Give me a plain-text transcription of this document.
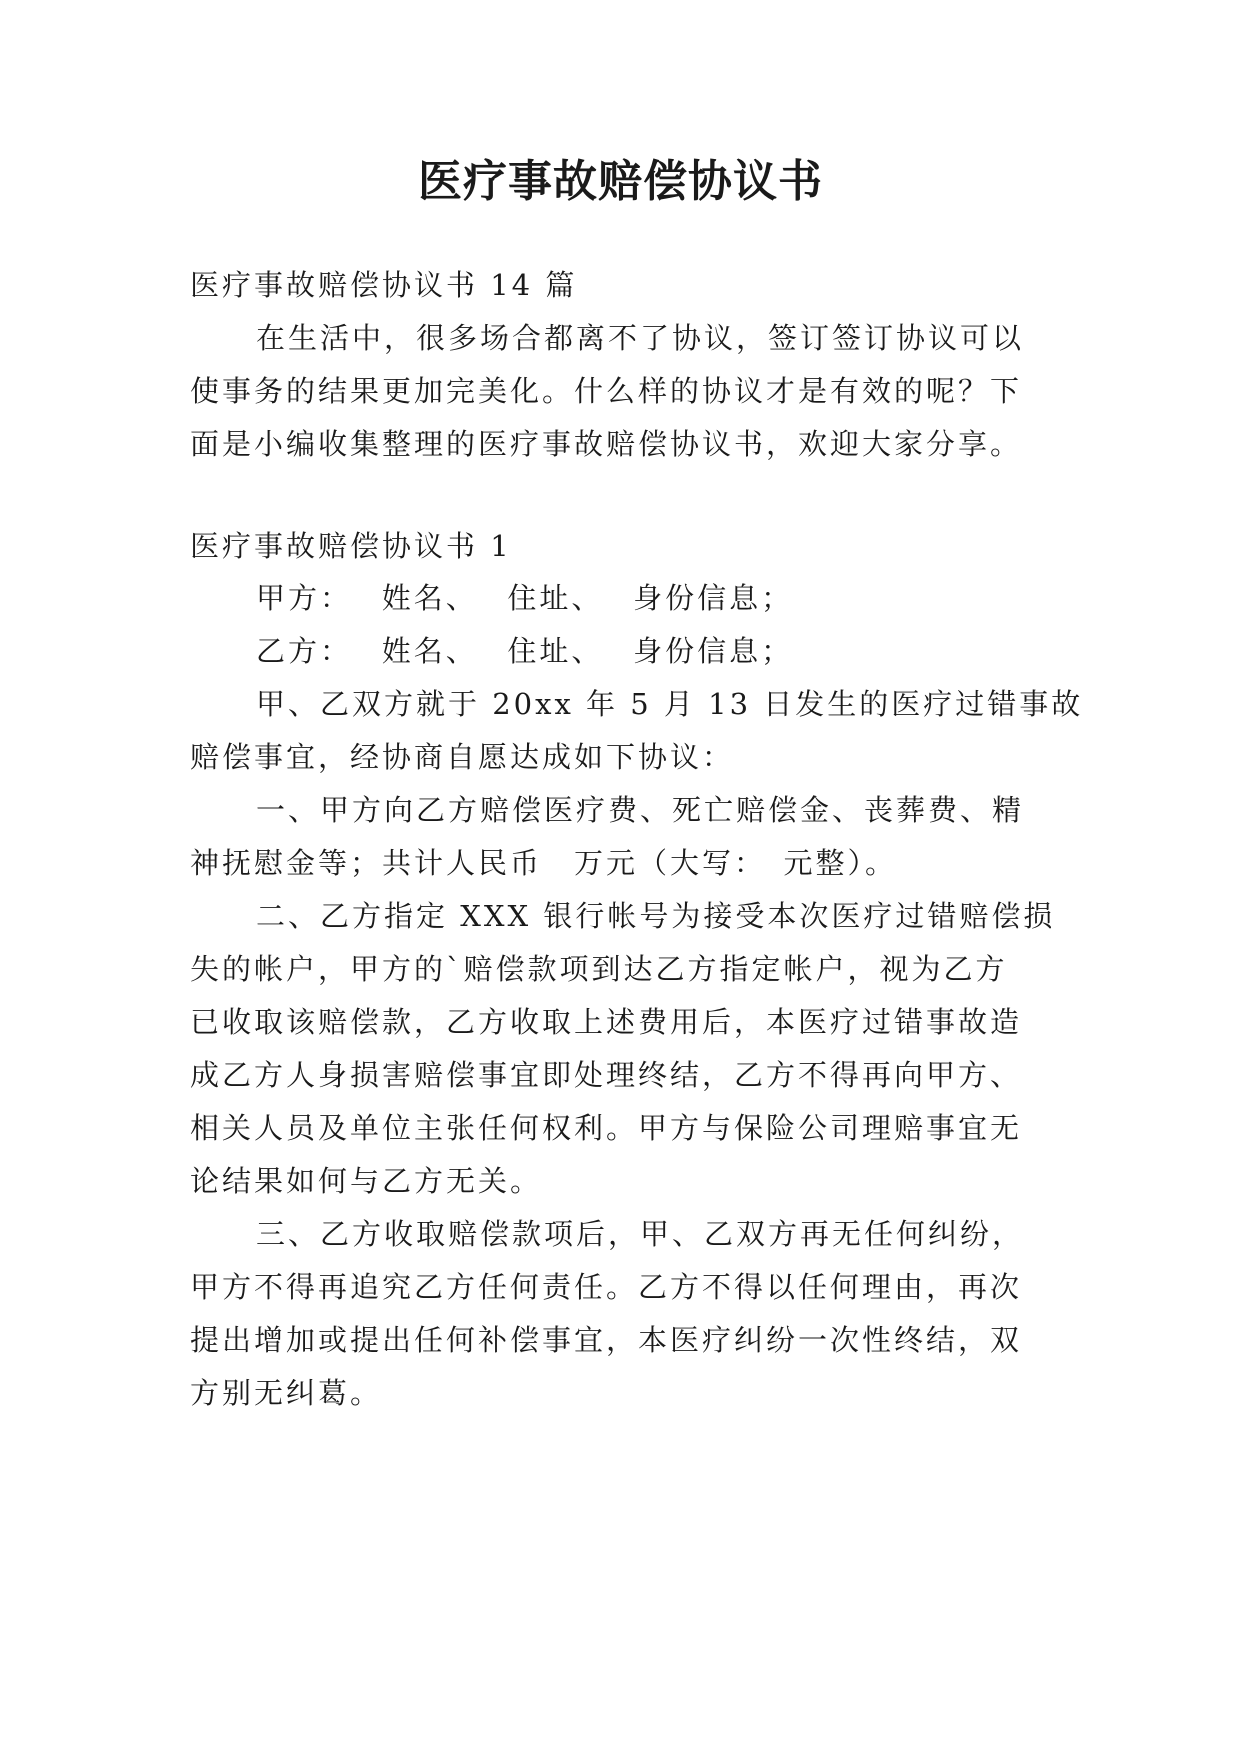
医疗事故赔偿协议书

医疗事故赔偿协议书 14 篇

在生活中，很多场合都离不了协议，签订签订协议可以

使事务的结果更加完美化。什么样的协议才是有效的呢？下

面是小编收集整理的医疗事故赔偿协议书，欢迎大家分享。

医疗事故赔偿协议书 1

甲方：　 姓名、　 住址、　 身份信息；

乙方：　 姓名、　 住址、　 身份信息；

甲、乙双方就于 20xx 年 5 月 13 日发生的医疗过错事故

赔偿事宜，经协商自愿达成如下协议：

一、甲方向乙方赔偿医疗费、死亡赔偿金、丧葬费、精

神抚慰金等；共计人民币　万元（大写：　元整）。

二、乙方指定 XXX 银行帐号为接受本次医疗过错赔偿损

失的帐户，甲方的`赔偿款项到达乙方指定帐户，视为乙方

已收取该赔偿款，乙方收取上述费用后，本医疗过错事故造

成乙方人身损害赔偿事宜即处理终结，乙方不得再向甲方、

相关人员及单位主张任何权利。甲方与保险公司理赔事宜无

论结果如何与乙方无关。

三、乙方收取赔偿款项后，甲、乙双方再无任何纠纷，

甲方不得再追究乙方任何责任。乙方不得以任何理由，再次

提出增加或提出任何补偿事宜，本医疗纠纷一次性终结，双

方别无纠葛。
